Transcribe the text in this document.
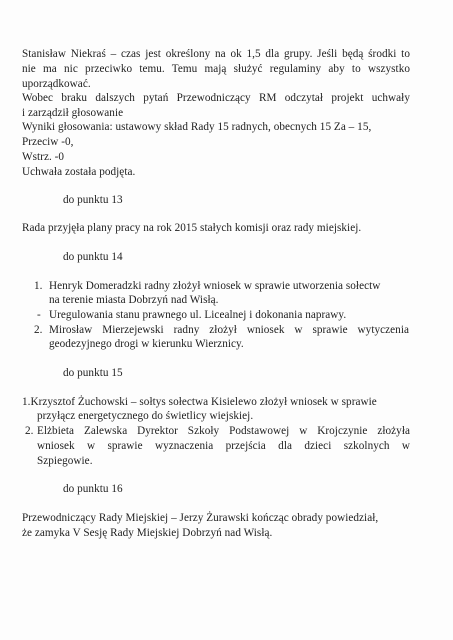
Stanisław Niekraś – czas jest określony na ok 1,5 dla grupy. Jeśli będą środki to
nie ma nic przeciwko temu. Temu mają służyć regulaminy aby to wszystko
uporządkować.
Wobec braku dalszych pytań Przewodniczący RM odczytał projekt uchwały
i zarządził głosowanie
Wyniki głosowania: ustawowy skład Rady 15 radnych, obecnych 15 Za – 15,
Przeciw -0,
Wstrz. -0
Uchwała została podjęta.
do punktu 13
Rada przyjęła plany pracy na rok 2015 stałych komisji oraz rady miejskiej.
do punktu 14
1. Henryk Domeradzki radny złożył wniosek w sprawie utworzenia sołectw
na terenie miasta Dobrzyń nad Wisłą.
- Uregulowania stanu prawnego ul. Licealnej i dokonania naprawy.
2. Mirosław Mierzejewski radny złożył wniosek w sprawie wytyczenia
geodezyjnego drogi w kierunku Wierznicy.
do punktu 15
1.Krzysztof Żuchowski – sołtys sołectwa Kisielewo złożył wniosek w sprawie
przyłącz energetycznego do świetlicy wiejskiej.
2. Elżbieta Zalewska Dyrektor Szkoły Podstawowej w Krojczynie złożyła
wniosek w sprawie wyznaczenia przejścia dla dzieci szkolnych w
Szpiegowie.
do punktu 16
Przewodniczący Rady Miejskiej – Jerzy Żurawski kończąc obrady powiedział,
że zamyka V Sesję Rady Miejskiej Dobrzyń nad Wisłą.
